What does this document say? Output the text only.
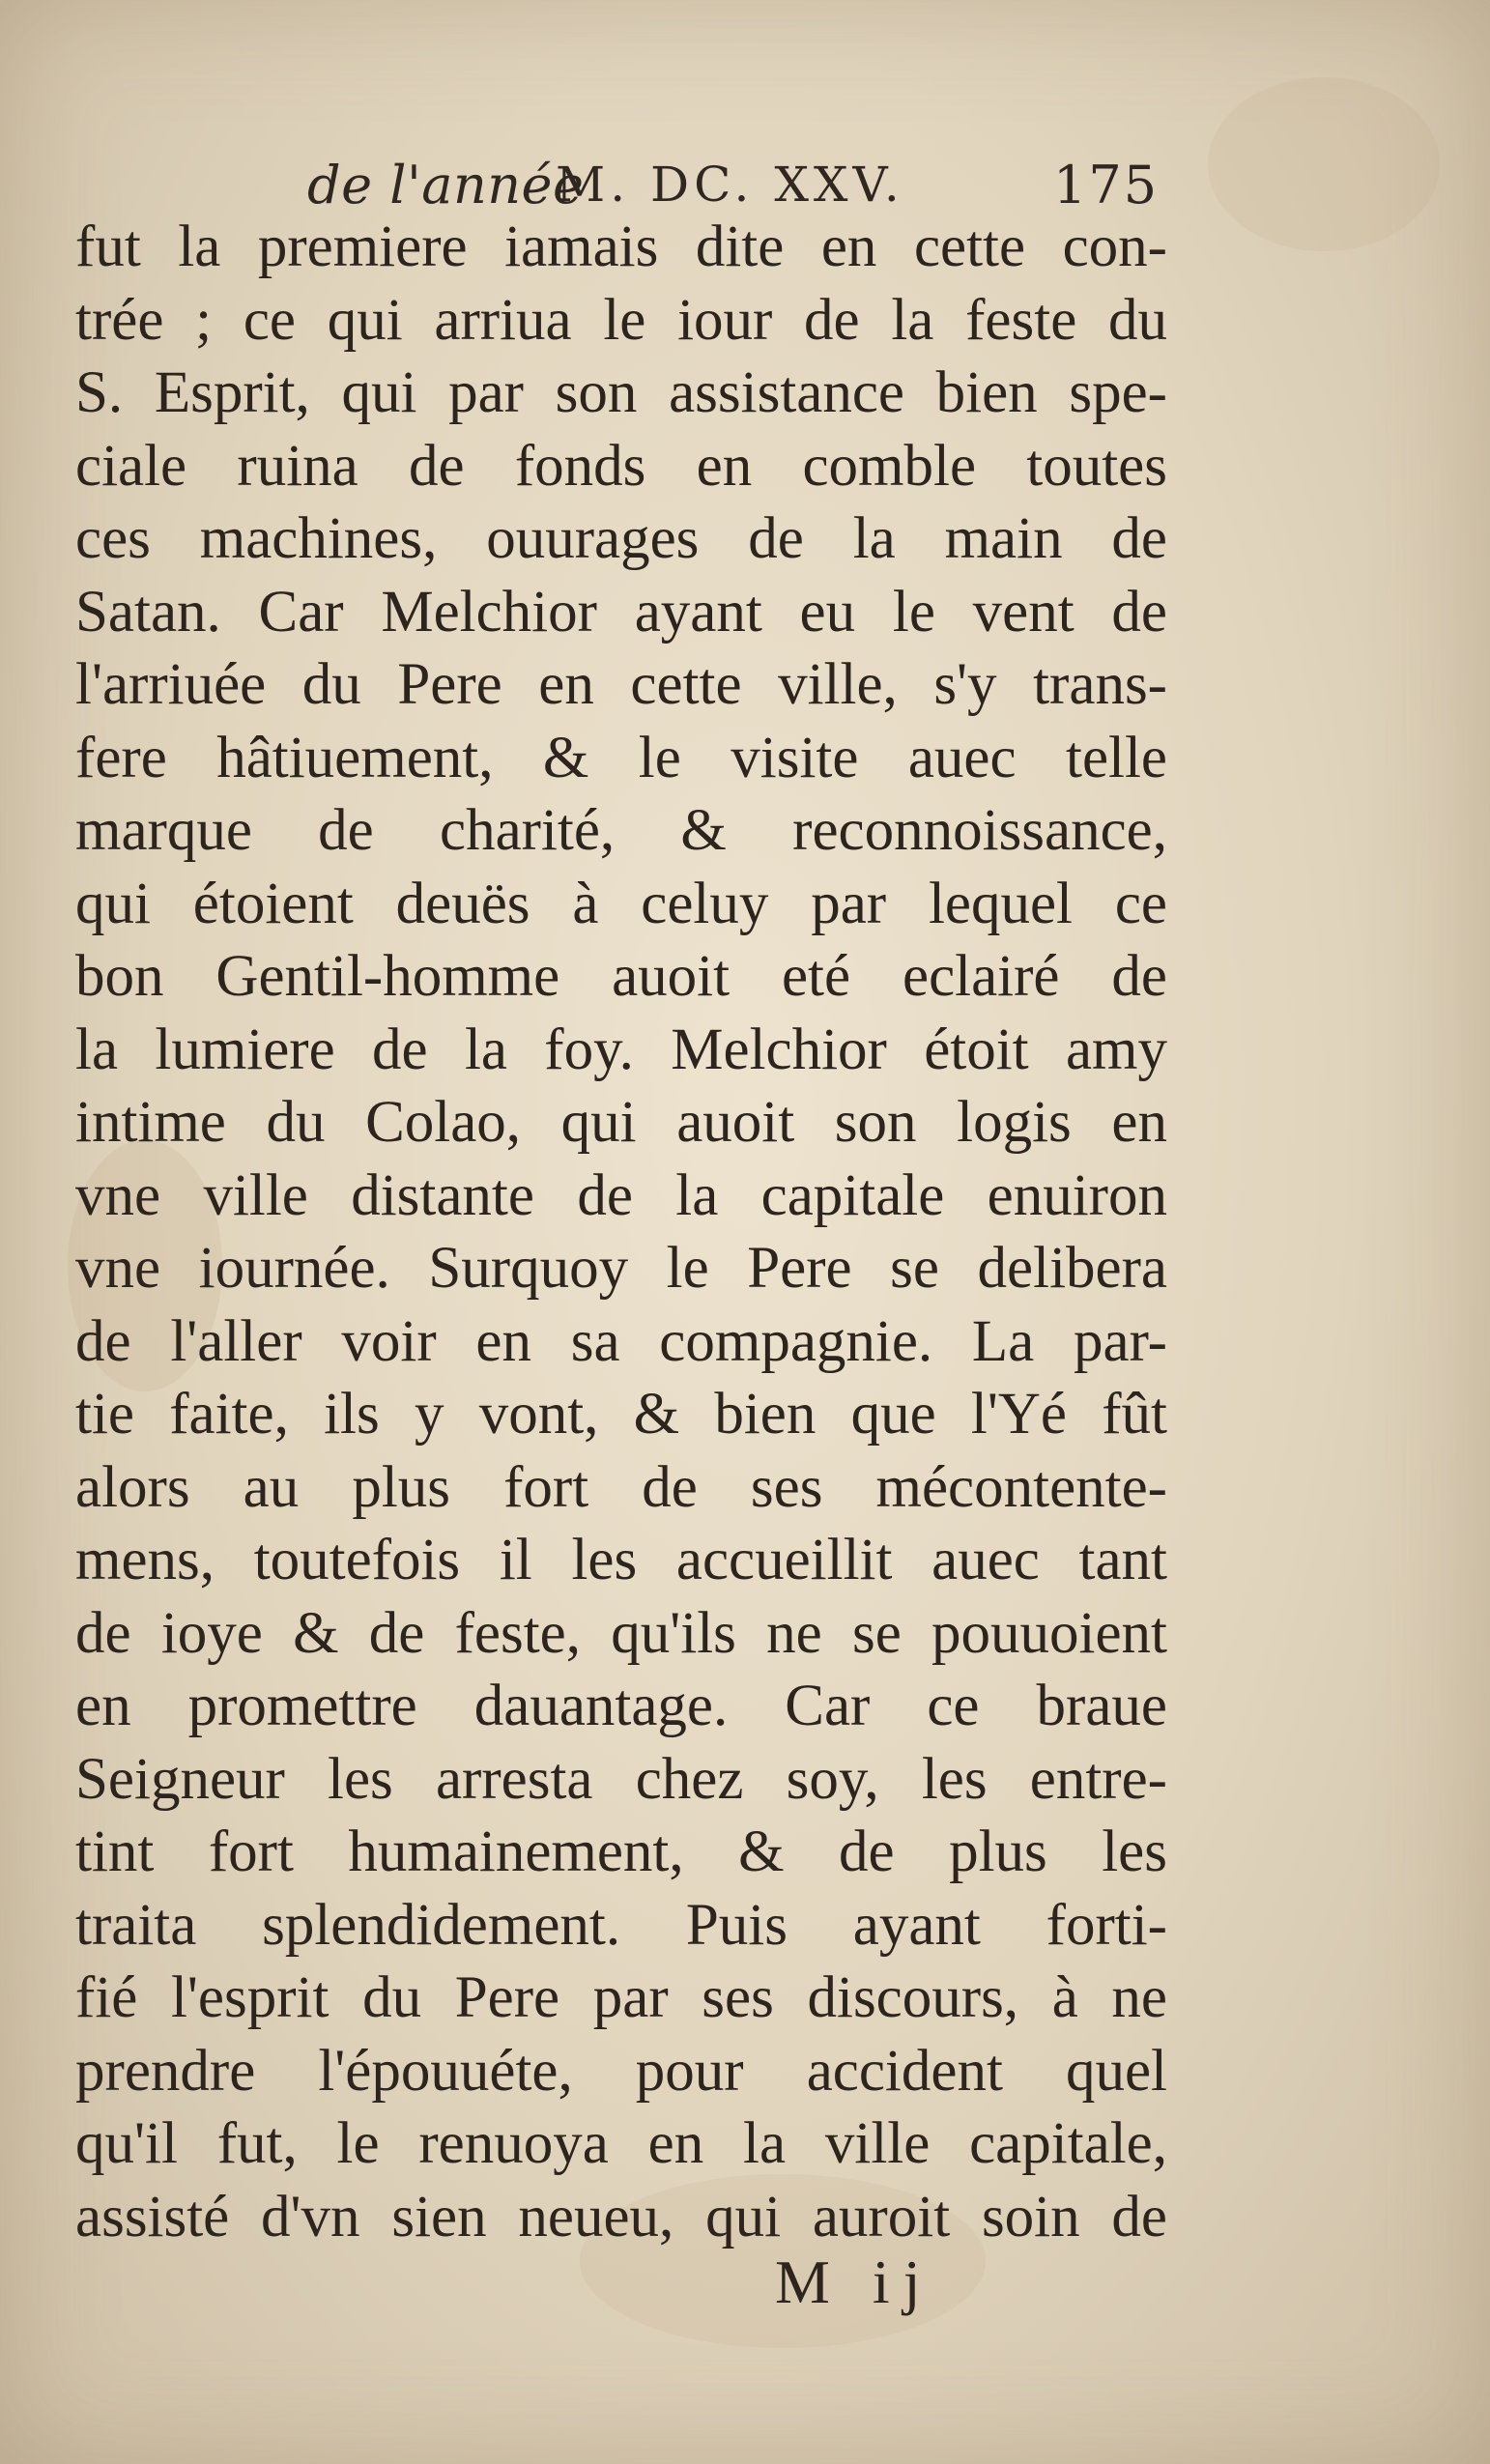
de l'année
M. DC. XXV.	175
fut la premiere iamais dite en cette con-
trée ; ce qui arriua le iour de la feste du
S. Esprit, qui par son assistance bien spe-
ciale ruina de fonds en comble toutes
ces machines, ouurages de la main de
Satan. Car Melchior ayant eu le vent de
l'arriuée du Pere en cette ville, s'y trans-
fere hâtiuement, & le visite auec telle
marque de charité, & reconnoissance,
qui étoient deuës à celuy par lequel ce
bon Gentil-homme auoit eté eclairé de
la lumiere de la foy. Melchior étoit amy
intime du Colao, qui auoit son logis en
vne ville distante de la capitale enuiron
vne iournée. Surquoy le Pere se delibera
de l'aller voir en sa compagnie. La par-
tie faite, ils y vont, & bien que l'Yé fût
alors au plus fort de ses mécontente-
mens, toutefois il les accueillit auec tant
de ioye & de feste, qu'ils ne se pouuoient
en promettre dauantage. Car ce braue
Seigneur les arresta chez soy, les entre-
tint fort humainement, & de plus les
traita splendidement. Puis ayant forti-
fié l'esprit du Pere par ses discours, à ne
prendre l'épouuéte, pour accident quel
qu'il fut, le renuoya en la ville capitale,
assisté d'vn sien neueu, qui auroit soin de
M ij
